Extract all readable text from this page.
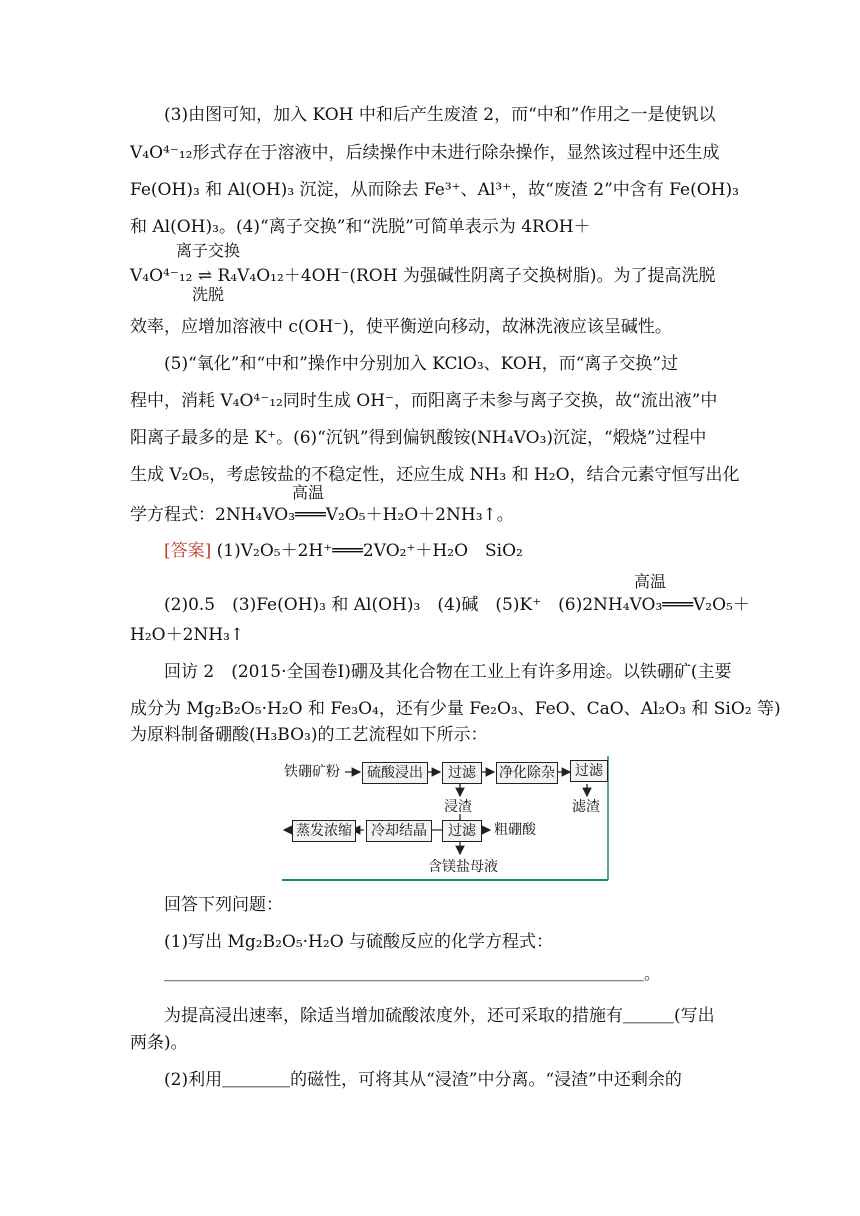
(3)由图可知，加入 KOH 中和后产生废渣 2，而“中和”作用之一是使钒以
V₄O⁴⁻₁₂形式存在于溶液中，后续操作中未进行除杂操作，显然该过程中还生成
Fe(OH)₃ 和 Al(OH)₃ 沉淀，从而除去 Fe³⁺、Al³⁺，故“废渣 2”中含有 Fe(OH)₃
和 Al(OH)₃。(4)“离子交换”和“洗脱”可简单表示为 4ROH＋
离子交换
V₄O⁴⁻₁₂ ⇌ R₄V₄O₁₂＋4OH⁻(ROH 为强碱性阴离子交换树脂)。为了提高洗脱
洗脱
效率，应增加溶液中 c(OH⁻)，使平衡逆向移动，故淋洗液应该呈碱性。
(5)“氧化”和“中和”操作中分别加入 KClO₃、KOH，而“离子交换”过
程中，消耗 V₄O⁴⁻₁₂同时生成 OH⁻，而阳离子未参与离子交换，故“流出液”中
阳离子最多的是 K⁺。(6)“沉钒”得到偏钒酸铵(NH₄VO₃)沉淀，“煅烧”过程中
生成 V₂O₅，考虑铵盐的不稳定性，还应生成 NH₃ 和 H₂O，结合元素守恒写出化
高温
学方程式：2NH₄VO₃═══V₂O₅＋H₂O＋2NH₃↑。
[答案] (1)V₂O₅＋2H⁺═══2VO₂⁺＋H₂O　SiO₂
高温
(2)0.5　(3)Fe(OH)₃ 和 Al(OH)₃　(4)碱　(5)K⁺　(6)2NH₄VO₃═══V₂O₅＋
H₂O＋2NH₃↑
回访 2　(2015·全国卷Ⅰ)硼及其化合物在工业上有许多用途。以铁硼矿(主要
成分为 Mg₂B₂O₅·H₂O 和 Fe₃O₄，还有少量 Fe₂O₃、FeO、CaO、Al₂O₃ 和 SiO₂ 等)
为原料制备硼酸(H₃BO₃)的工艺流程如下所示：
铁硼矿粉	硫酸浸出	过滤	净化除杂	过滤
浸渣	滤渣
蒸发浓缩	冷却结晶	过滤	粗硼酸
含镁盐母液
回答下列问题：
(1)写出 Mg₂B₂O₅·H₂O 与硫酸反应的化学方程式：
＿＿＿＿＿＿＿＿＿＿＿＿＿＿＿＿＿＿＿＿＿＿＿＿＿＿＿＿＿＿。
为提高浸出速率，除适当增加硫酸浓度外，还可采取的措施有＿＿＿(写出
两条)。
(2)利用＿＿＿＿的磁性，可将其从“浸渣”中分离。“浸渣”中还剩余的
